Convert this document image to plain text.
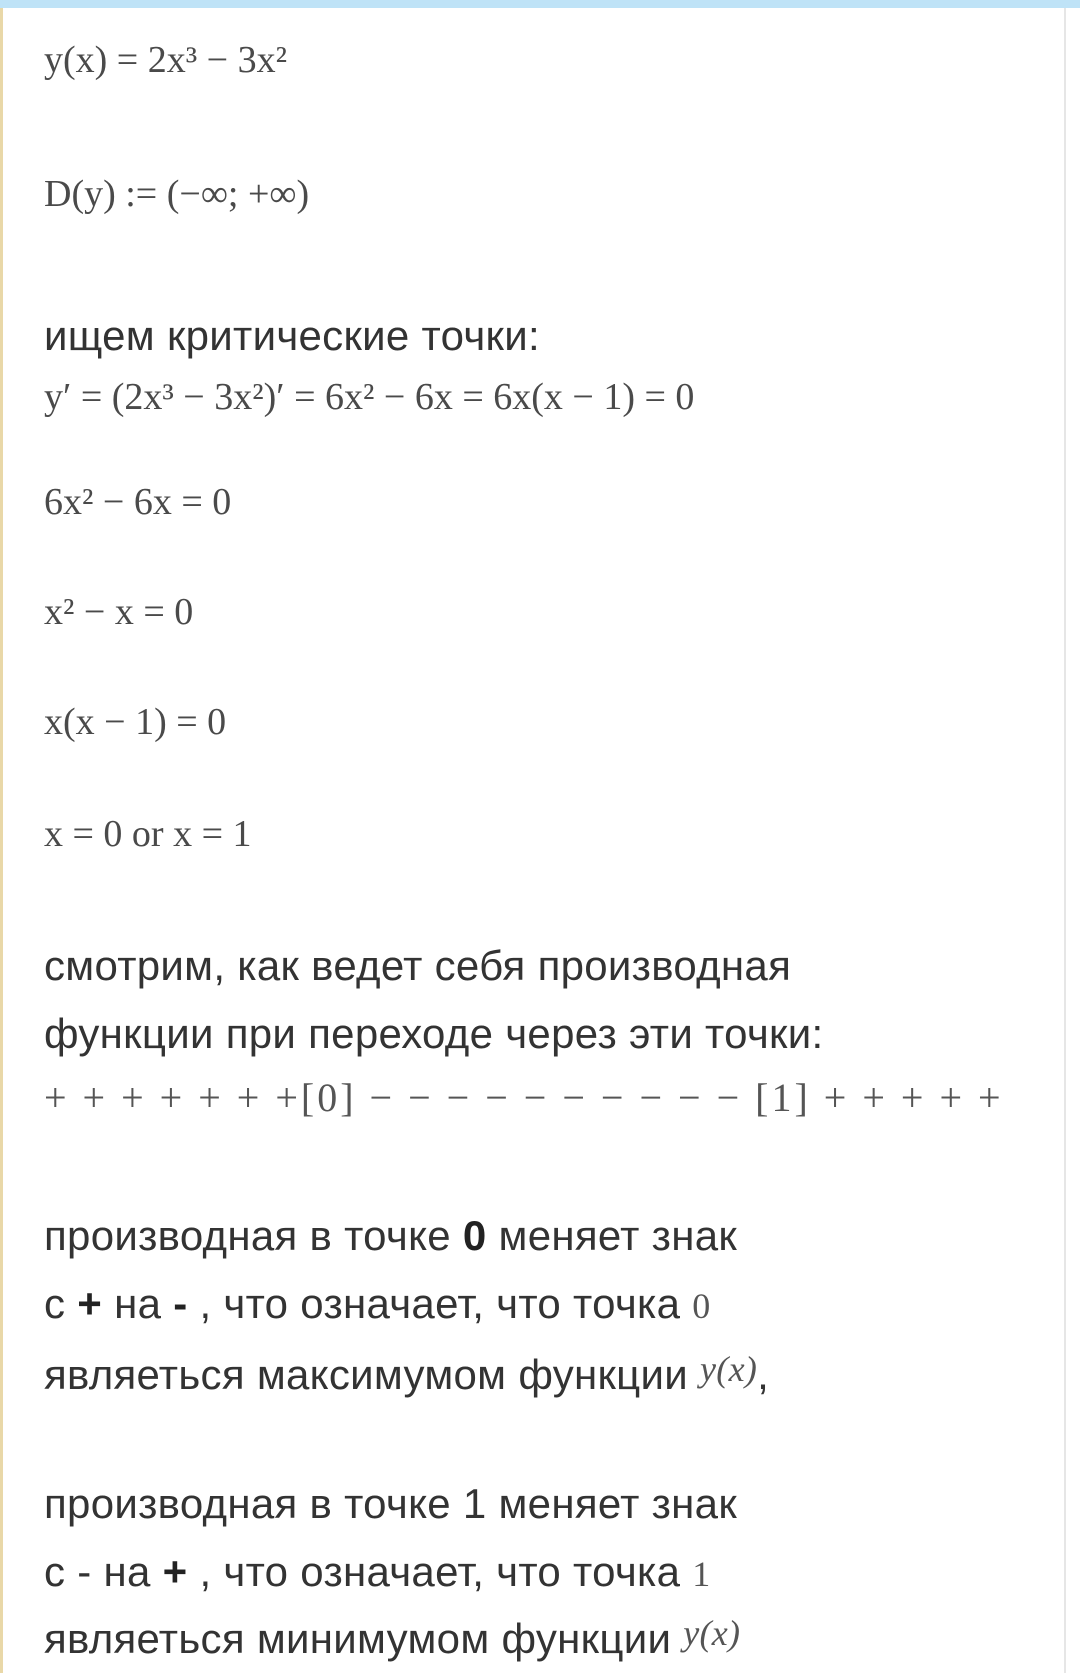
y(x) = 2x³ − 3x²
D(y) := (−∞; +∞)
ищем критические точки:
y′ = (2x³ − 3x²)′ = 6x² − 6x = 6x(x − 1) = 0
6x² − 6x = 0
x² − x = 0
x(x − 1) = 0
x = 0 or x = 1
смотрим, как ведет себя производная
функции при переходе через эти точки:
+ + + + + + +[0] − − − − − − − − − − [1] + + + + +
производная в точке 0 меняет знак
с + на - , что означает, что точка 0
являеться максимумом функции y(x),
производная в точке 1 меняет знак
с - на + , что означает, что точка 1
являеться минимумом функции y(x)
